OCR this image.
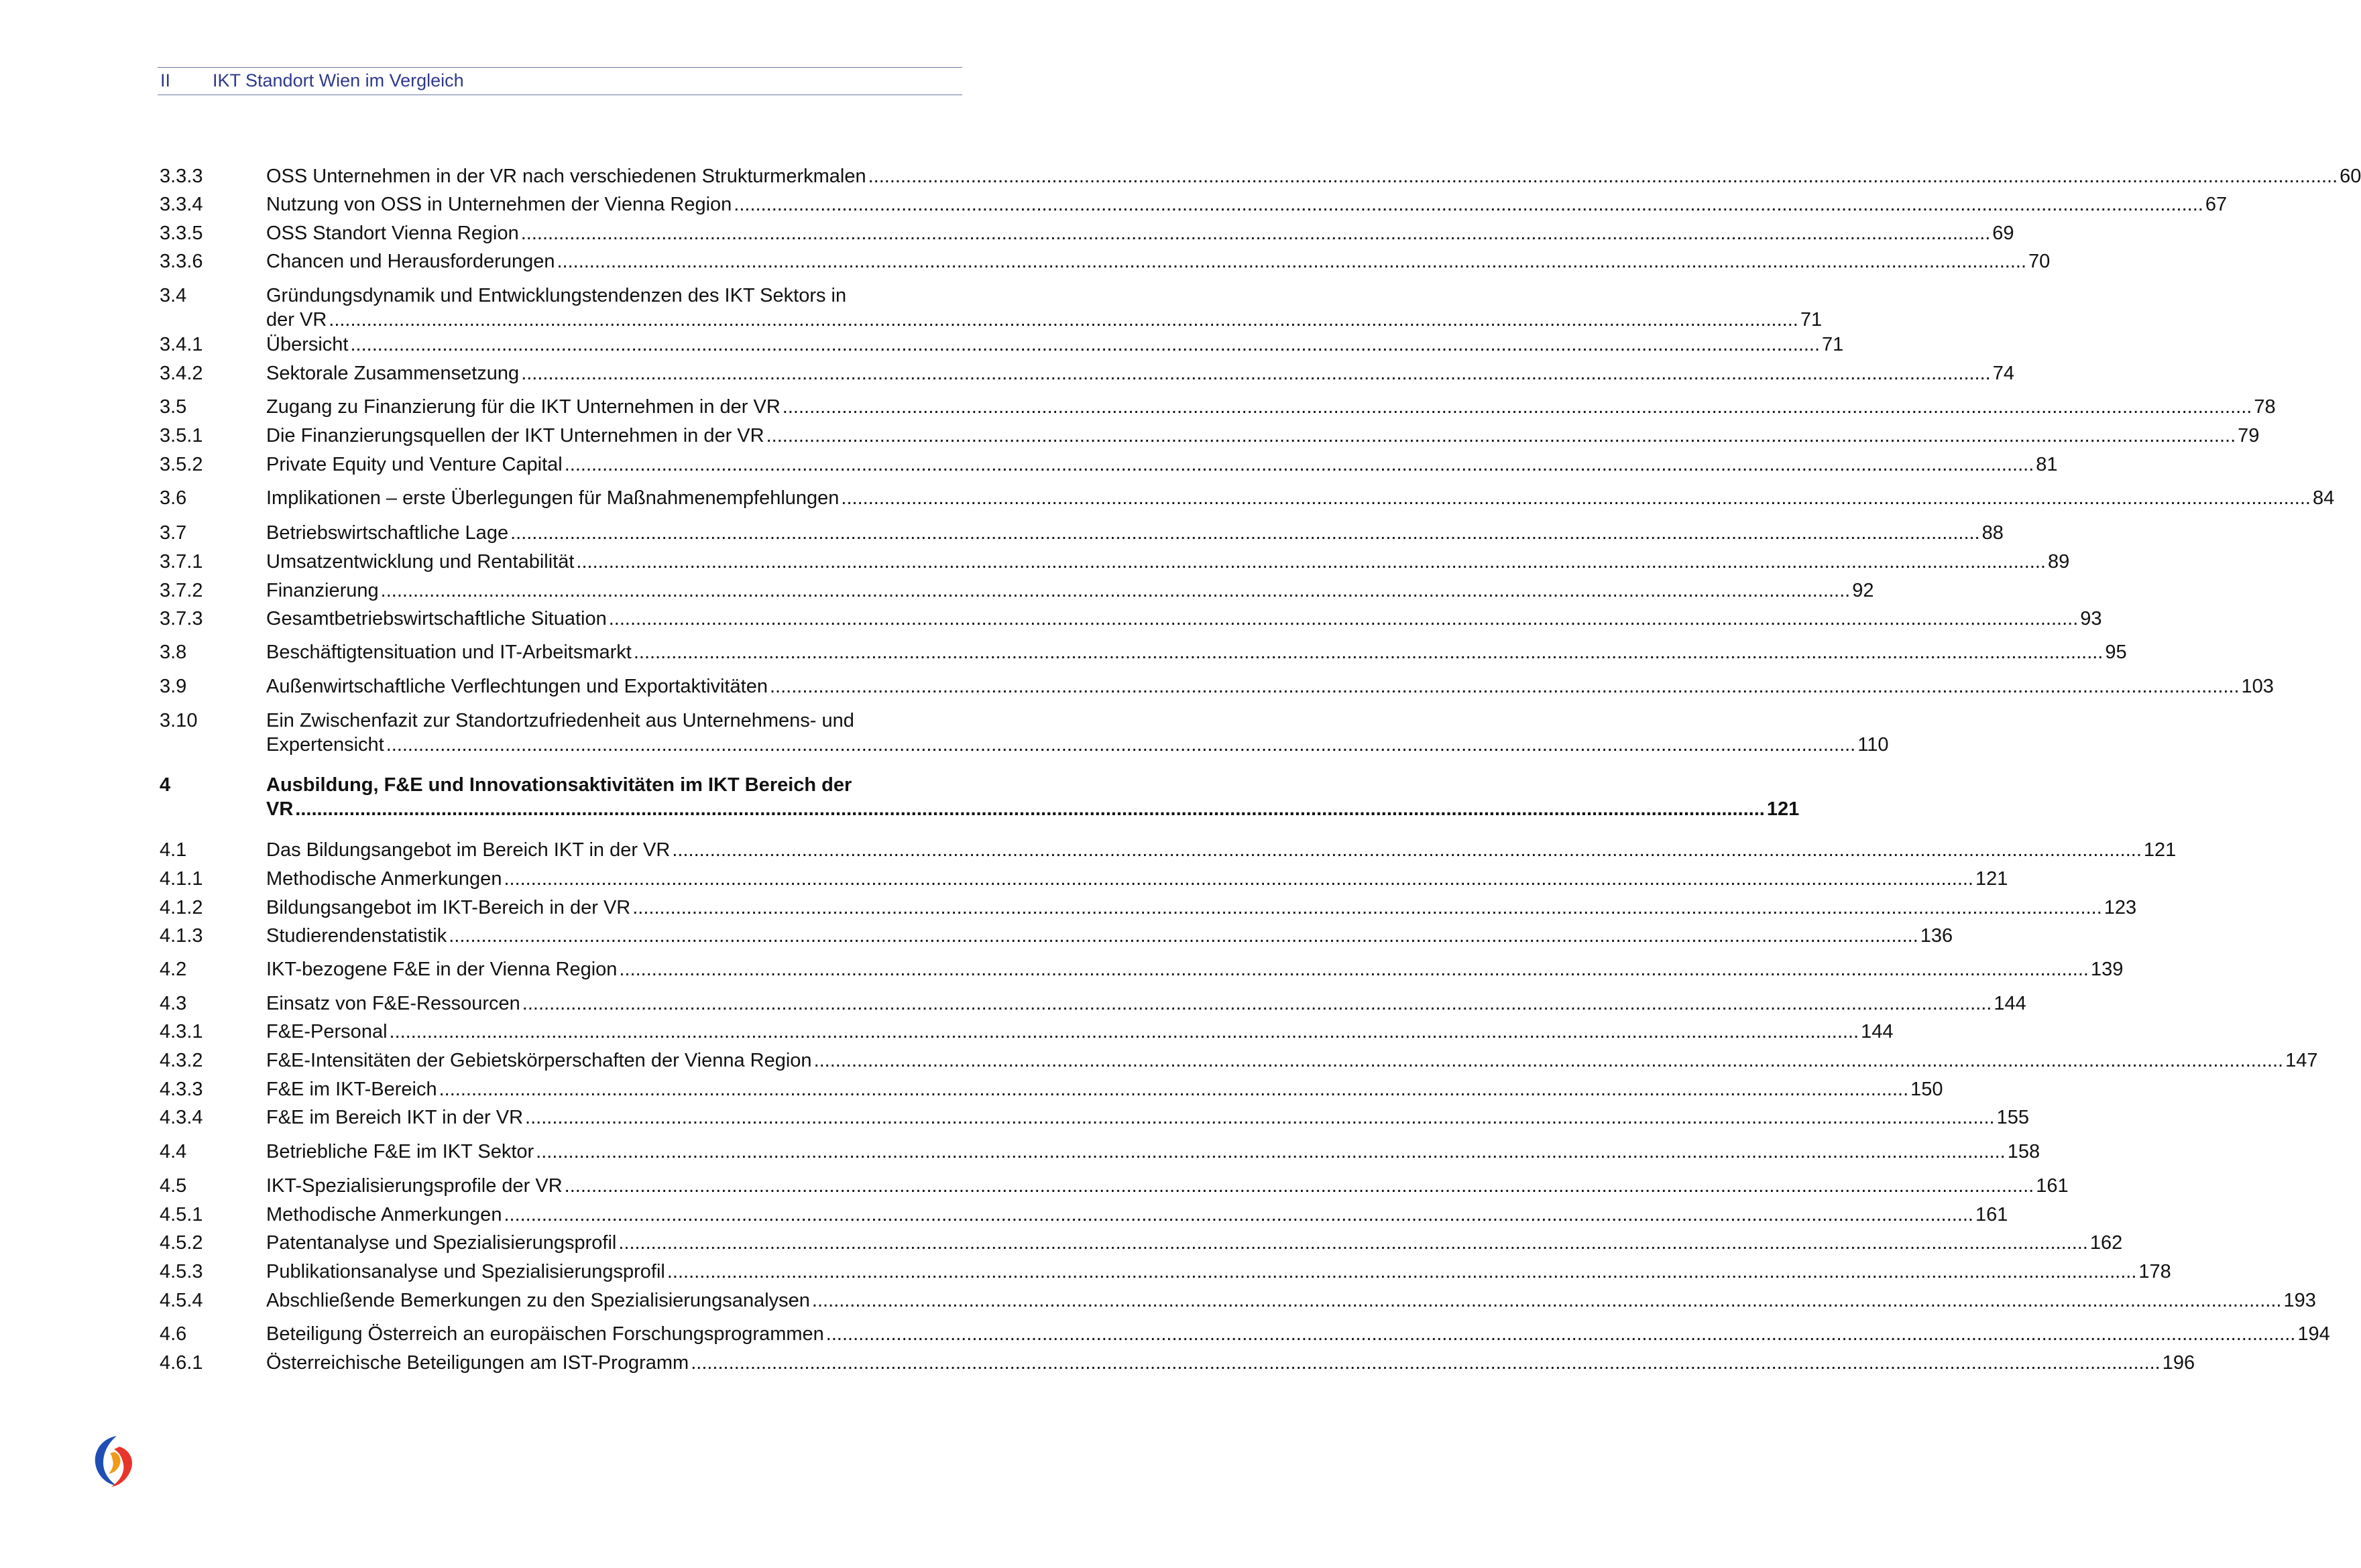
II IKT Standort Wien im Vergleich
3.3.3	OSS Unternehmen in der VR nach verschiedenen Strukturmerkmalen ................................................................................................................................................................................................................................................................................ 60
3.3.4	Nutzung von OSS in Unternehmen der Vienna Region ................................................................................................................................................................................................................................................................................ 67
3.3.5	OSS Standort Vienna Region ................................................................................................................................................................................................................................................................................ 69
3.3.6	Chancen und Herausforderungen ................................................................................................................................................................................................................................................................................ 70
3.4	Gründungsdynamik und Entwicklungstendenzen des IKT Sektors in
der VR ................................................................................................................................................................................................................................................................................ 71
3.4.1	Übersicht ................................................................................................................................................................................................................................................................................ 71
3.4.2	Sektorale Zusammensetzung ................................................................................................................................................................................................................................................................................ 74
3.5	Zugang zu Finanzierung für die IKT Unternehmen in der VR ................................................................................................................................................................................................................................................................................ 78
3.5.1	Die Finanzierungsquellen der IKT Unternehmen in der VR ................................................................................................................................................................................................................................................................................ 79
3.5.2	Private Equity und Venture Capital ................................................................................................................................................................................................................................................................................ 81
3.6	Implikationen – erste Überlegungen für Maßnahmenempfehlungen ................................................................................................................................................................................................................................................................................ 84
3.7	Betriebswirtschaftliche Lage ................................................................................................................................................................................................................................................................................ 88
3.7.1	Umsatzentwicklung und Rentabilität ................................................................................................................................................................................................................................................................................ 89
3.7.2	Finanzierung ................................................................................................................................................................................................................................................................................ 92
3.7.3	Gesamtbetriebswirtschaftliche Situation ................................................................................................................................................................................................................................................................................ 93
3.8	Beschäftigtensituation und IT-Arbeitsmarkt ................................................................................................................................................................................................................................................................................ 95
3.9	Außenwirtschaftliche Verflechtungen und Exportaktivitäten ................................................................................................................................................................................................................................................................................ 103
3.10	Ein Zwischenfazit zur Standortzufriedenheit aus Unternehmens- und
Expertensicht ................................................................................................................................................................................................................................................................................ 110
4	Ausbildung, F&E und Innovationsaktivitäten im IKT Bereich der
VR ................................................................................................................................................................................................................................................................................ 121
4.1	Das Bildungsangebot im Bereich IKT in der VR ................................................................................................................................................................................................................................................................................ 121
4.1.1	Methodische Anmerkungen ................................................................................................................................................................................................................................................................................ 121
4.1.2	Bildungsangebot im IKT-Bereich in der VR ................................................................................................................................................................................................................................................................................ 123
4.1.3	Studierendenstatistik ................................................................................................................................................................................................................................................................................ 136
4.2	IKT-bezogene F&E in der Vienna Region ................................................................................................................................................................................................................................................................................ 139
4.3	Einsatz von F&E-Ressourcen ................................................................................................................................................................................................................................................................................ 144
4.3.1	F&E-Personal ................................................................................................................................................................................................................................................................................ 144
4.3.2	F&E-Intensitäten der Gebietskörperschaften der Vienna Region ................................................................................................................................................................................................................................................................................ 147
4.3.3	F&E im IKT-Bereich ................................................................................................................................................................................................................................................................................ 150
4.3.4	F&E im Bereich IKT in der VR ................................................................................................................................................................................................................................................................................ 155
4.4	Betriebliche F&E im IKT Sektor ................................................................................................................................................................................................................................................................................ 158
4.5	IKT-Spezialisierungsprofile der VR ................................................................................................................................................................................................................................................................................ 161
4.5.1	Methodische Anmerkungen ................................................................................................................................................................................................................................................................................ 161
4.5.2	Patentanalyse und Spezialisierungsprofil ................................................................................................................................................................................................................................................................................ 162
4.5.3	Publikationsanalyse und Spezialisierungsprofil ................................................................................................................................................................................................................................................................................ 178
4.5.4	Abschließende Bemerkungen zu den Spezialisierungsanalysen ................................................................................................................................................................................................................................................................................ 193
4.6	Beteiligung Österreich an europäischen Forschungsprogrammen ................................................................................................................................................................................................................................................................................ 194
4.6.1	Österreichische Beteiligungen am IST-Programm ................................................................................................................................................................................................................................................................................ 196
